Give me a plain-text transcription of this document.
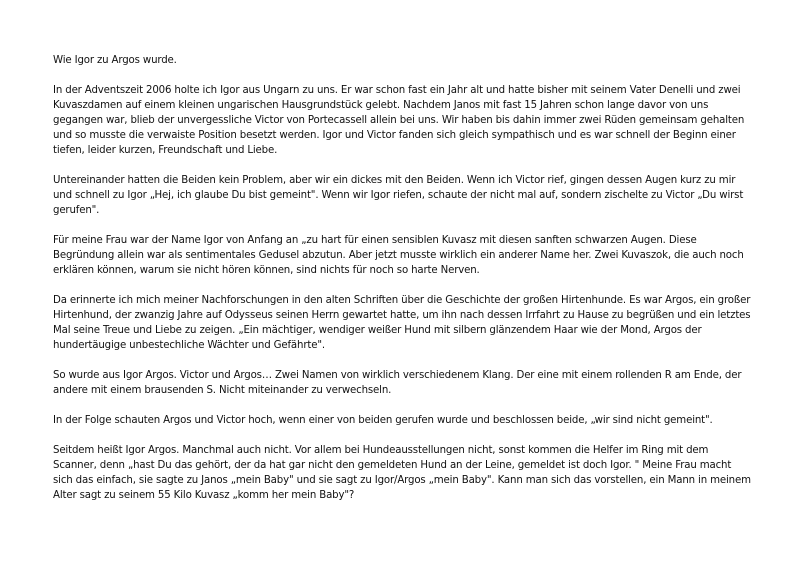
Wie Igor zu Argos wurde.

In der Adventszeit 2006 holte ich Igor aus Ungarn zu uns. Er war schon fast ein Jahr alt und hatte bisher mit seinem Vater Denelli und zwei Kuvaszdamen auf einem kleinen ungarischen Hausgrundstück gelebt. Nachdem Janos mit fast 15 Jahren schon lange davor von uns gegangen war, blieb der unvergessliche Victor von Portecassell allein bei uns. Wir haben bis dahin immer zwei Rüden gemeinsam gehalten und so musste die verwaiste Position besetzt werden. Igor und Victor fanden sich gleich sympathisch und es war schnell der Beginn einer tiefen, leider kurzen, Freundschaft und Liebe.

Untereinander hatten die Beiden kein Problem, aber wir ein dickes mit den Beiden. Wenn ich Victor rief, gingen dessen Augen kurz zu mir und schnell zu Igor „Hej, ich glaube Du bist gemeint". Wenn wir Igor riefen, schaute der nicht mal auf, sondern zischelte zu Victor „Du wirst gerufen".

Für meine Frau war der Name Igor von Anfang an „zu hart für einen sensiblen Kuvasz mit diesen sanften schwarzen Augen. Diese Begründung allein war als sentimentales Gedusel abzutun. Aber jetzt musste wirklich ein anderer Name her. Zwei Kuvaszok, die auch noch erklären können, warum sie nicht hören können, sind nichts für noch so harte Nerven.

Da erinnerte ich mich meiner Nachforschungen in den alten Schriften über die Geschichte der großen Hirtenhunde. Es war Argos, ein großer Hirtenhund, der zwanzig Jahre auf Odysseus seinen Herrn gewartet hatte, um ihn nach dessen Irrfahrt zu Hause zu begrüßen und ein letztes Mal seine Treue und Liebe zu zeigen. „Ein mächtiger, wendiger weißer Hund mit silbern glänzendem Haar wie der Mond, Argos der hundertäugige unbestechliche Wächter und Gefährte".

So wurde aus Igor Argos. Victor und Argos… Zwei Namen von wirklich verschiedenem Klang. Der eine mit einem rollenden R am Ende, der andere mit einem brausenden S. Nicht miteinander zu verwechseln.

In der Folge schauten Argos und Victor hoch, wenn einer von beiden gerufen wurde und beschlossen beide, „wir sind nicht gemeint".

Seitdem heißt Igor Argos. Manchmal auch nicht. Vor allem bei Hundeausstellungen nicht, sonst kommen die Helfer im Ring mit dem Scanner, denn „hast Du das gehört, der da hat gar nicht den gemeldeten Hund an der Leine, gemeldet ist doch Igor. " Meine Frau macht sich das einfach, sie sagte zu Janos „mein Baby" und sie sagt zu Igor/Argos „mein Baby". Kann man sich das vorstellen, ein Mann in meinem Alter sagt zu seinem 55 Kilo Kuvasz „komm her mein Baby"?
